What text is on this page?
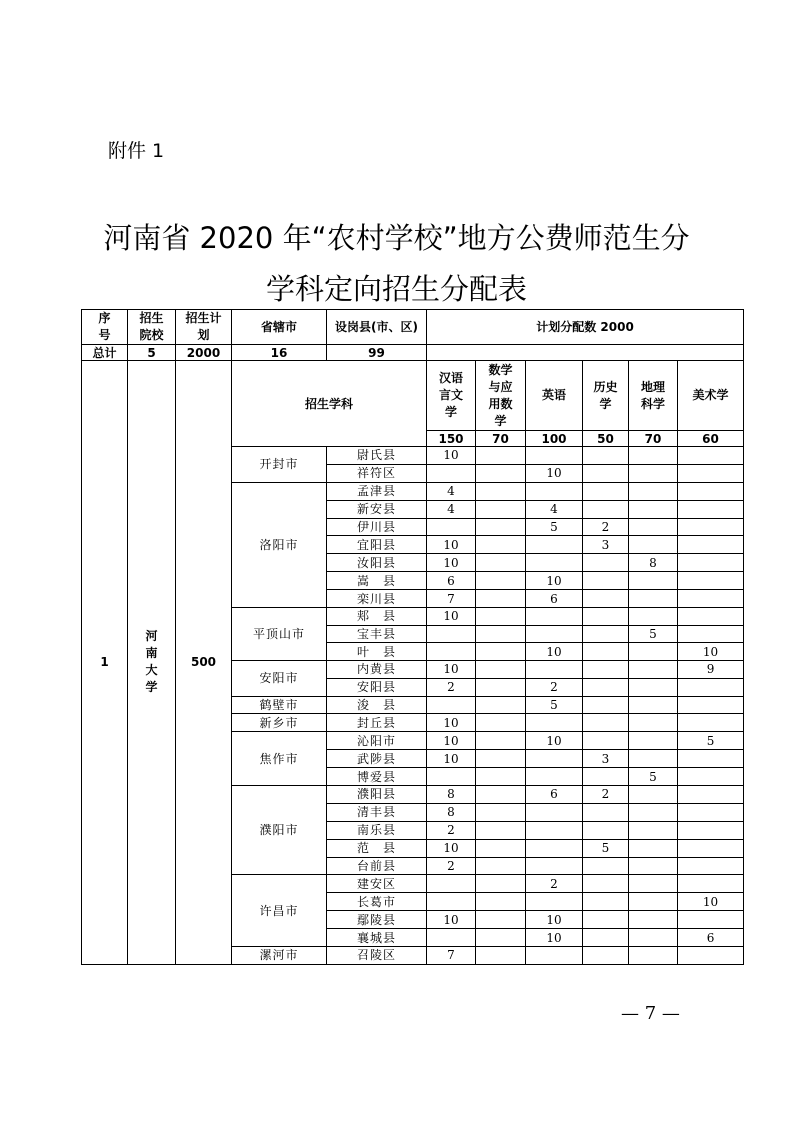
附件 1
河南省 2020 年“农村学校”地方公费师范生分
学科定向招生分配表
序号	招生院校	招生计划	省辖市	设岗县(市、区)	计划分配数 2000					
总计	5	2000	16	99						
1	河南大学	500	招生学科		汉语言文学	数学与应用数学	英语	历史学	地理科学	美术学
					150	70	100	50	70	60
			开封市	尉氏县	10					
				祥符区			10			
			洛阳市	孟津县	4					
				新安县	4		4			
				伊川县			5	2		
				宜阳县	10			3		
				汝阳县	10				8	
				嵩　县	6		10			
				栾川县	7		6			
			平顶山市	郏　县	10					
				宝丰县					5	
				叶　县			10			10
			安阳市	内黄县	10					9
				安阳县	2		2			
			鹤壁市	浚　县			5			
			新乡市	封丘县	10					
			焦作市	沁阳市	10		10			5
				武陟县	10			3		
				博爱县					5	
			濮阳市	濮阳县	8		6	2		
				清丰县	8					
				南乐县	2					
				范　县	10			5		
				台前县	2					
			许昌市	建安区			2			
				长葛市						10
				鄢陵县	10		10			
				襄城县			10			6
			漯河市	召陵区	7					
— 7 —
